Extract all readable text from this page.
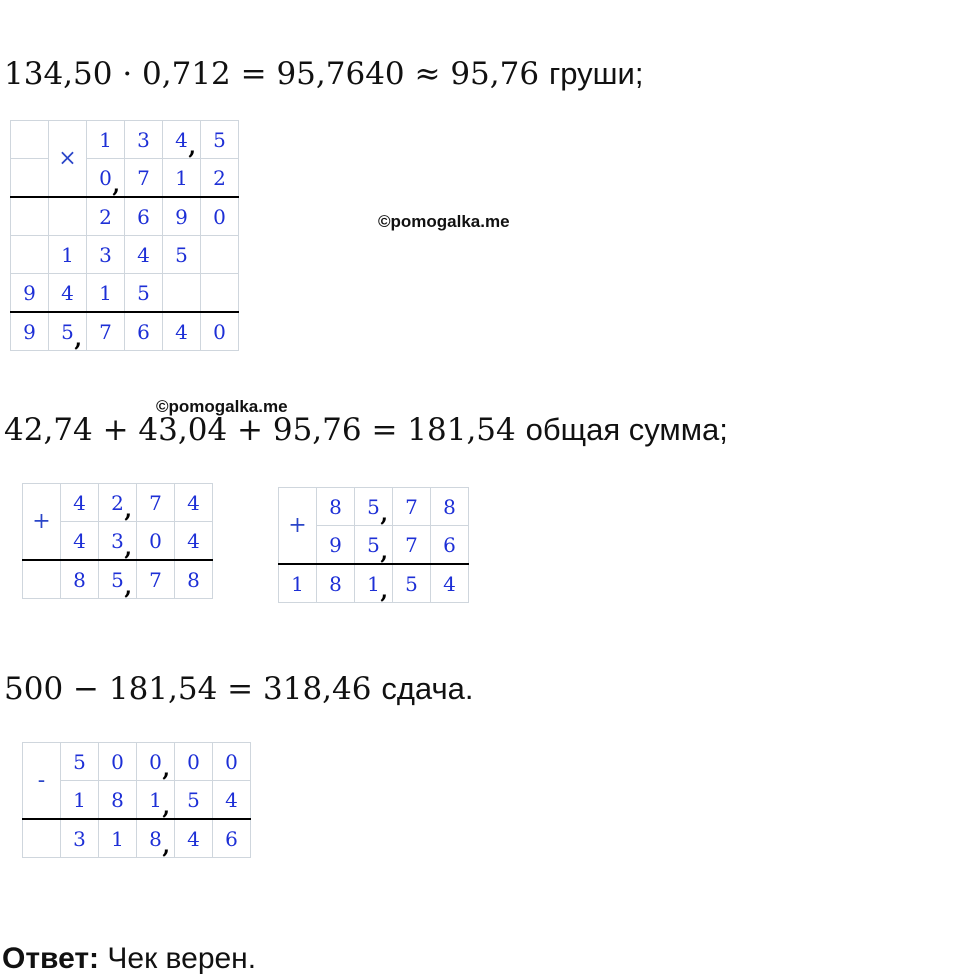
134,50 · 0,712 = 95,7640 ≈ 95,76 груши;
©pomogalka.me
	×	1	3	4 ,	5
		0 ,	7	1	2
		2	6	9	0
	1	3	4	5	
9	4	1	5		
9	5 ,	7	6	4	0
©pomogalka.me
42,74 + 43,04 + 95,76 = 181,54 общая сумма;
+	4	2 ,	7	4
	4	3 ,	0	4
	8	5 ,	7	8
+	8	5 ,	7	8
	9	5 ,	7	6
1	8	1 ,	5	4
500 − 181,54 = 318,46 сдача.
-	5	0	0 ,	0	0
	1	8	1 ,	5	4
	3	1	8 ,	4	6
Ответ: Чек верен.
